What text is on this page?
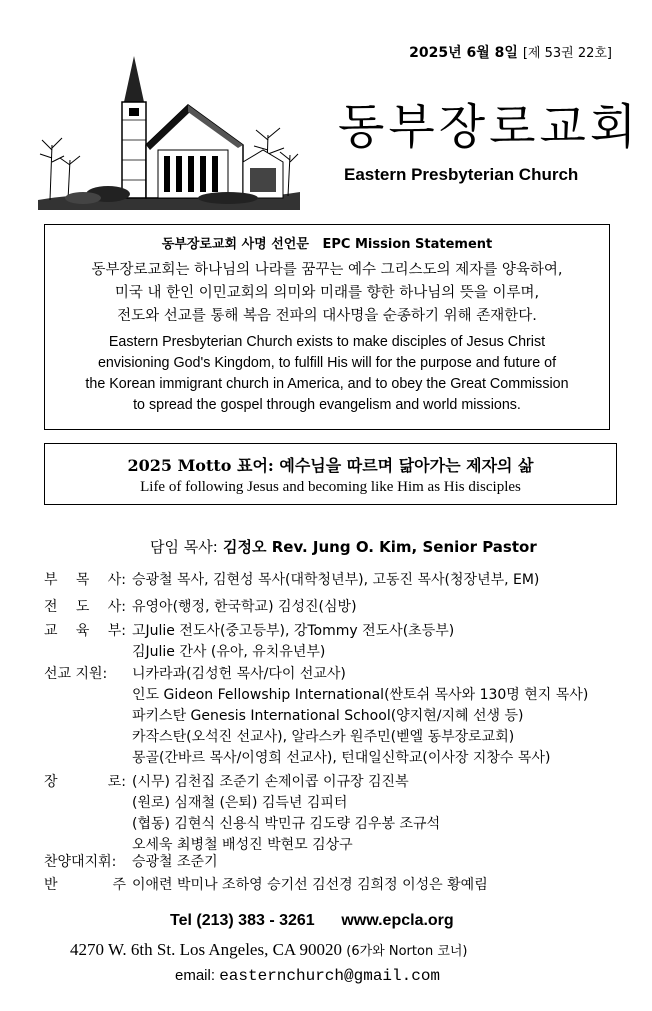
2025년 6월 8일 [제 53권 22호]
동부장로교회
Eastern Presbyterian Church
동부장로교회 사명 선언문 EPC Mission Statement
동부장로교회는 하나님의 나라를 꿈꾸는 예수 그리스도의 제자를 양육하여,
미국 내 한인 이민교회의 의미와 미래를 향한 하나님의 뜻을 이루며,
전도와 선교를 통해 복음 전파의 대사명을 순종하기 위해 존재한다.
Eastern Presbyterian Church exists to make disciples of Jesus Christ
envisioning God's Kingdom, to fulfill His will for the purpose and future of
the Korean immigrant church in America, and to obey the Great Commission
to spread the gospel through evangelism and world missions.
2025 Motto 표어: 예수님을 따르며 닮아가는 제자의 삶
Life of following Jesus and becoming like Him as His disciples
담임 목사: 김정오 Rev. Jung O. Kim, Senior Pastor
부 목 사: 승광철 목사, 김현성 목사(대학청년부), 고동진 목사(청장년부, EM)
전 도 사: 유영아(행정, 한국학교) 김성진(심방)
교 육 부: 고Julie 전도사(중고등부), 강Tommy 전도사(초등부)
김Julie 간사 (유아, 유치유년부)
선교 지원: 니카라과(김성헌 목사/다이 선교사)
인도 Gideon Fellowship International(싼토쉬 목사와 130명 현지 목사)
파키스탄 Genesis International School(양지현/지혜 선생 등)
카작스탄(오석진 선교사), 알라스카 원주민(벧엘 동부장로교회)
몽골(간바르 목사/이영희 선교사), 턴대일신학교(이사장 지창수 목사)
장	로: (시무) 김천집 조준기 손제이콥 이규장 김진복
(원로) 심재철 (은퇴) 김득년 김피터
(협동) 김현식 신용식 박민규 김도량 김우봉 조규석
오세욱 최병철 배성진 박현모 김상구
찬양대지휘: 승광철 조준기
반	주 이애련 박미나 조하영 승기선 김선경 김희정 이성은 황예림
Tel (213) 383 - 3261 www.epcla.org
4270 W. 6th St. Los Angeles, CA 90020 (6가와 Norton 코너)
email: easternchurch@gmail.com
